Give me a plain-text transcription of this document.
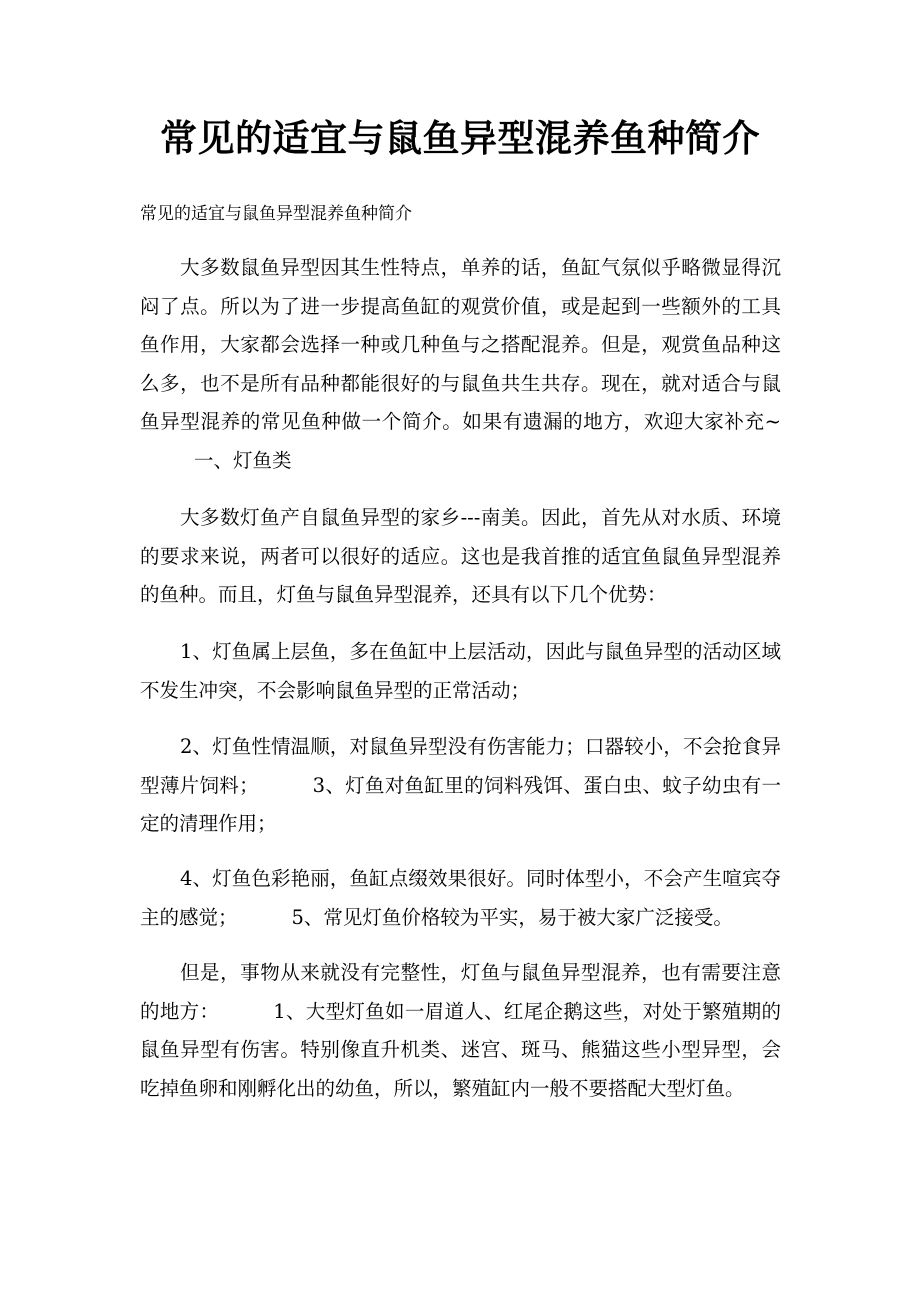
常见的适宜与鼠鱼异型混养鱼种简介

常见的适宜与鼠鱼异型混养鱼种简介

大多数鼠鱼异型因其生性特点，单养的话，鱼缸气氛似乎略微显得沉闷了点。所以为了进一步提高鱼缸的观赏价值，或是起到一些额外的工具鱼作用，大家都会选择一种或几种鱼与之搭配混养。但是，观赏鱼品种这么多，也不是所有品种都能很好的与鼠鱼共生共存。现在，就对适合与鼠鱼异型混养的常见鱼种做一个简介。如果有遗漏的地方，欢迎大家补充~一、灯鱼类

大多数灯鱼产自鼠鱼异型的家乡---南美。因此，首先从对水质、环境的要求来说，两者可以很好的适应。这也是我首推的适宜鱼鼠鱼异型混养的鱼种。而且，灯鱼与鼠鱼异型混养，还具有以下几个优势：

1、灯鱼属上层鱼，多在鱼缸中上层活动，因此与鼠鱼异型的活动区域不发生冲突，不会影响鼠鱼异型的正常活动；

2、灯鱼性情温顺，对鼠鱼异型没有伤害能力；口器较小，不会抢食异型薄片饲料；	3、灯鱼对鱼缸里的饲料残饵、蛋白虫、蚊子幼虫有一定的清理作用；

4、灯鱼色彩艳丽，鱼缸点缀效果很好。同时体型小，不会产生喧宾夺主的感觉；	5、常见灯鱼价格较为平实，易于被大家广泛接受。

但是，事物从来就没有完整性，灯鱼与鼠鱼异型混养，也有需要注意的地方：	1、大型灯鱼如一眉道人、红尾企鹅这些，对处于繁殖期的鼠鱼异型有伤害。特别像直升机类、迷宫、斑马、熊猫这些小型异型，会吃掉鱼卵和刚孵化出的幼鱼，所以，繁殖缸内一般不要搭配大型灯鱼。
